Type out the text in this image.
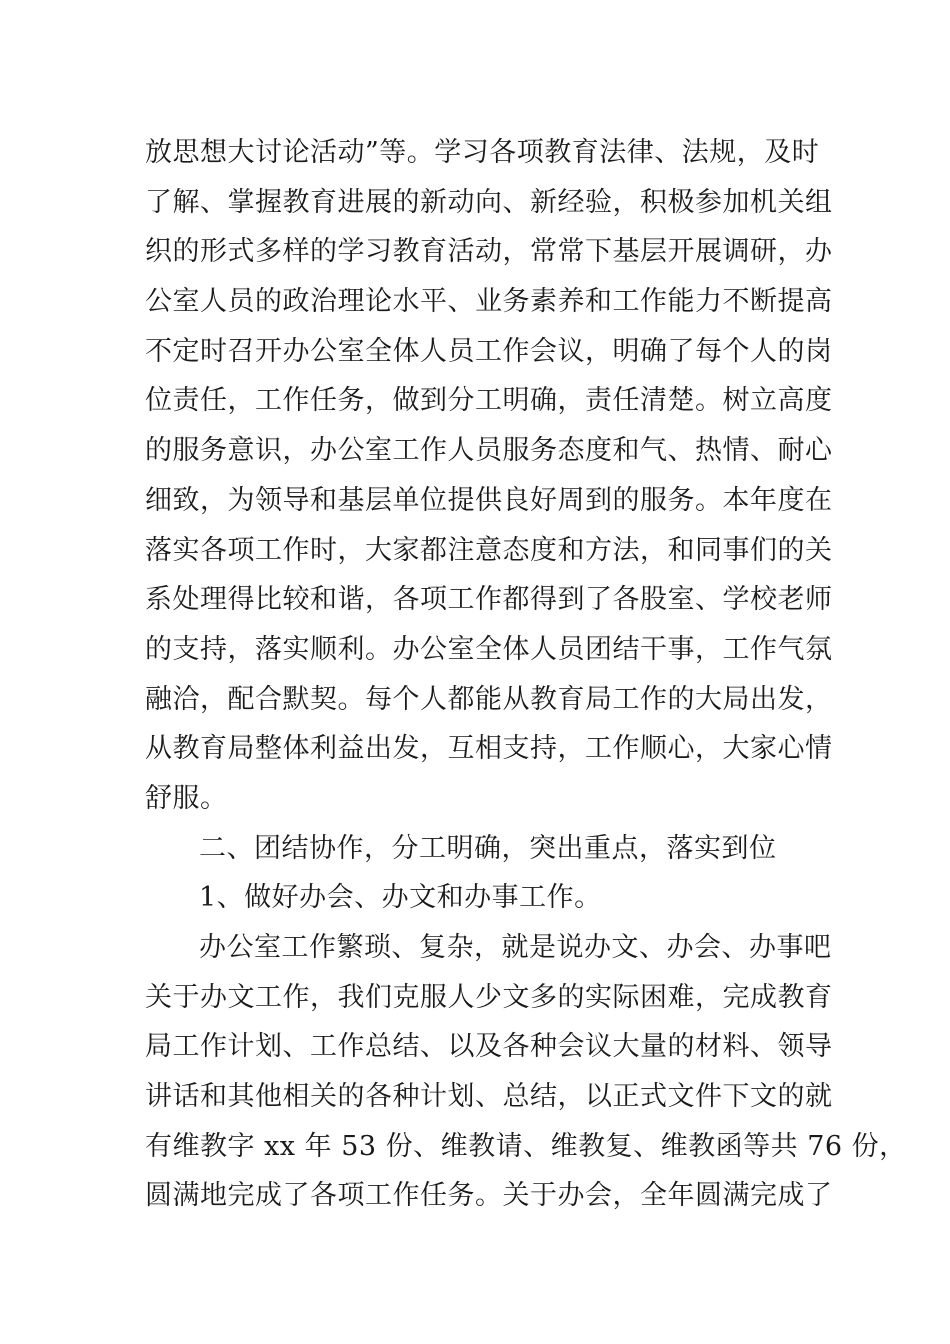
放思想大讨论活动”等。学习各项教育法律、法规，及时
了解、掌握教育进展的新动向、新经验，积极参加机关组
织的形式多样的学习教育活动，常常下基层开展调研，办
公室人员的政治理论水平、业务素养和工作能力不断提高
不定时召开办公室全体人员工作会议，明确了每个人的岗
位责任，工作任务，做到分工明确，责任清楚。树立高度
的服务意识，办公室工作人员服务态度和气、热情、耐心
细致，为领导和基层单位提供良好周到的服务。本年度在
落实各项工作时，大家都注意态度和方法，和同事们的关
系处理得比较和谐，各项工作都得到了各股室、学校老师
的支持，落实顺利。办公室全体人员团结干事，工作气氛
融洽，配合默契。每个人都能从教育局工作的大局出发，
从教育局整体利益出发，互相支持，工作顺心，大家心情
舒服。
二、团结协作，分工明确，突出重点，落实到位
1、做好办会、办文和办事工作。
办公室工作繁琐、复杂，就是说办文、办会、办事吧
关于办文工作，我们克服人少文多的实际困难，完成教育
局工作计划、工作总结、以及各种会议大量的材料、领导
讲话和其他相关的各种计划、总结，以正式文件下文的就
有维教字 xx 年 53 份、维教请、维教复、维教函等共 76 份，
圆满地完成了各项工作任务。关于办会，全年圆满完成了
